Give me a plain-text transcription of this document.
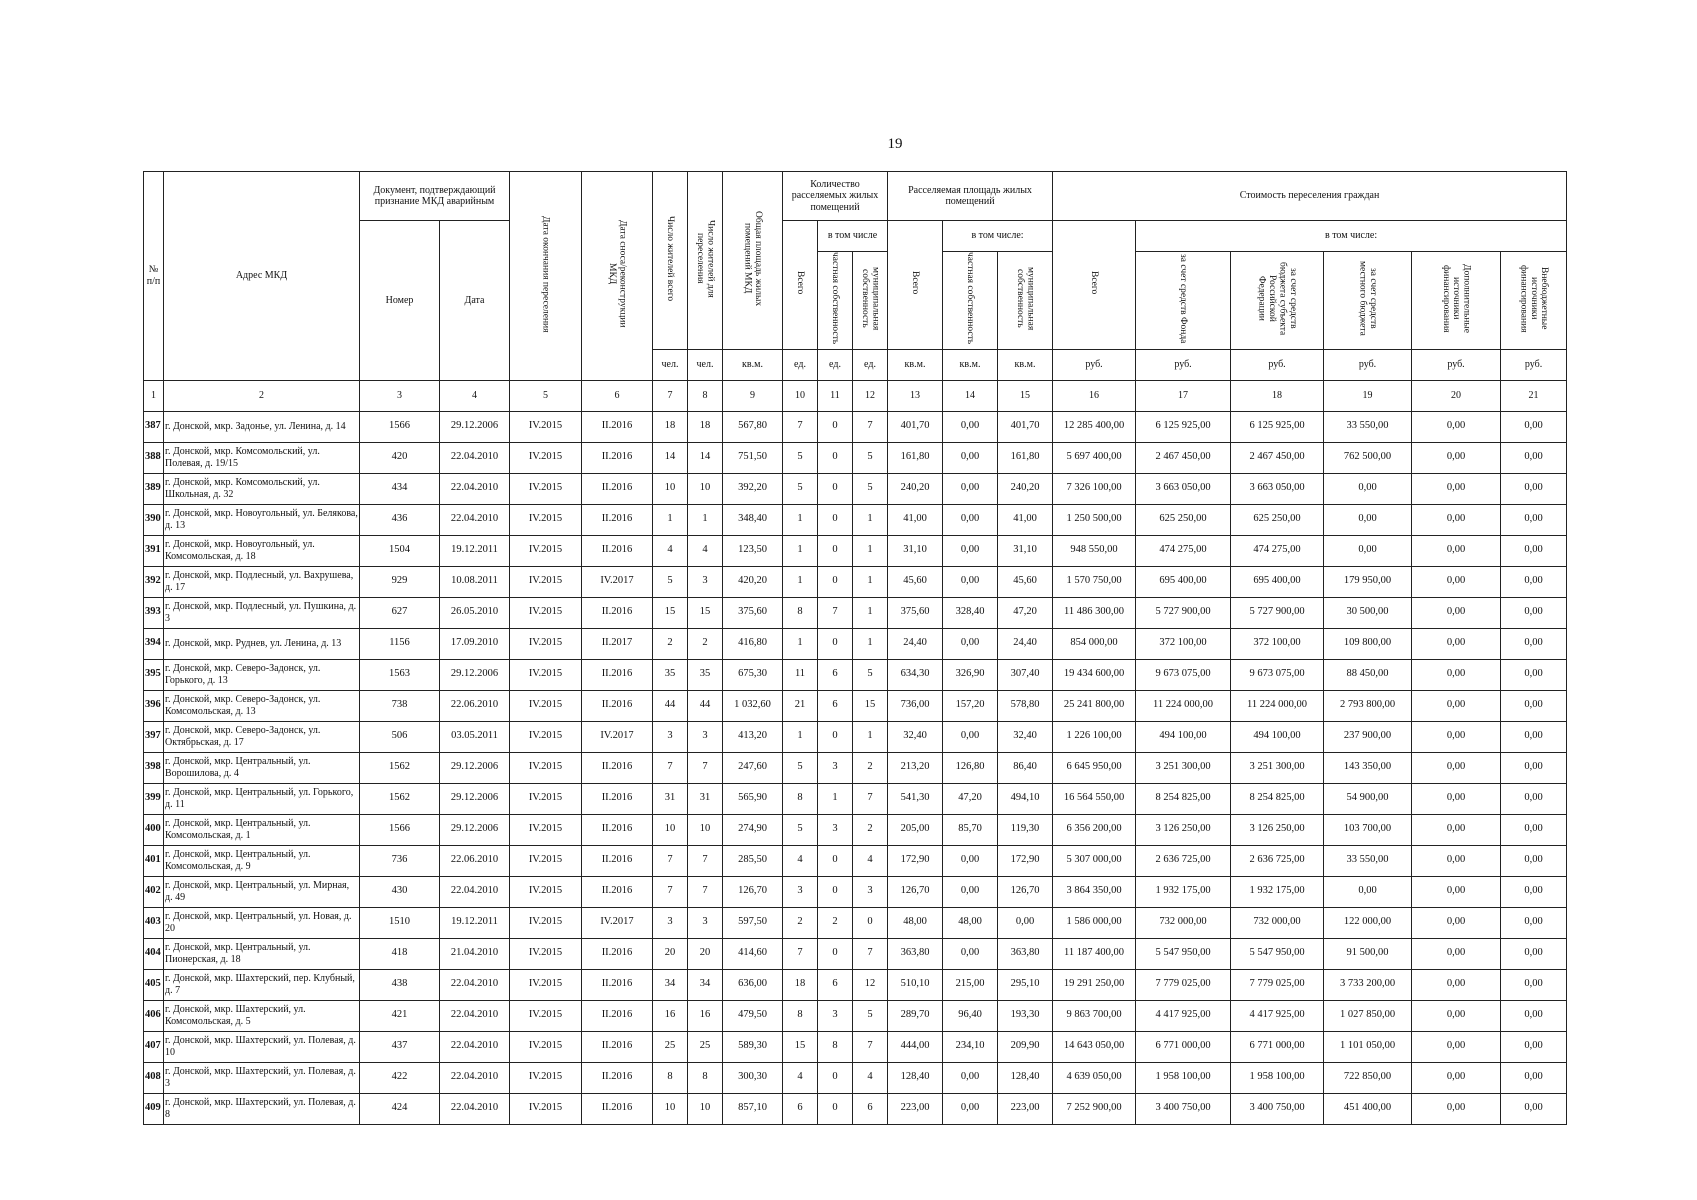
19
№ п/п	Адрес МКД	Документ, подтверждающий признание МКД аварийным		Дата окончания переселения	Дата сноса/реконструкции МКД	Число жителей всего	Число жителей для переселения	Общая площадь жилых помещений МКД	Количество расселяемых жилых помещений			Расселяемая площадь жилых помещений			Стоимость переселения граждан					
		Номер	Дата						Всего	в том числе		Всего	в том числе:		Всего	в том числе:				
										частная собственность	муниципальная собственность		частная собственность	муниципальная собственность		за счет средств Фонда	за счет средств бюджета субъекта Российской Федерации	за счет средств местного бюджета	Дополнительные источники финансирования	Внебюджетные источники финансирования
						чел.	чел.	кв.м.	ед.	ед.	ед.	кв.м.	кв.м.	кв.м.	руб.	руб.	руб.	руб.	руб.	руб.
1	2	3	4	5	6	7	8	9	10	11	12	13	14	15	16	17	18	19	20	21
387	г. Донской, мкр. Задонье, ул. Ленина, д. 14	1566	29.12.2006	IV.2015	II.2016	18	18	567,80	7	0	7	401,70	0,00	401,70	12 285 400,00	6 125 925,00	6 125 925,00	33 550,00	0,00	0,00
388	г. Донской, мкр. Комсомольский, ул. Полевая, д. 19/15	420	22.04.2010	IV.2015	II.2016	14	14	751,50	5	0	5	161,80	0,00	161,80	5 697 400,00	2 467 450,00	2 467 450,00	762 500,00	0,00	0,00
389	г. Донской, мкр. Комсомольский, ул. Школьная, д. 32	434	22.04.2010	IV.2015	II.2016	10	10	392,20	5	0	5	240,20	0,00	240,20	7 326 100,00	3 663 050,00	3 663 050,00	0,00	0,00	0,00
390	г. Донской, мкр. Новоугольный, ул. Белякова, д. 13	436	22.04.2010	IV.2015	II.2016	1	1	348,40	1	0	1	41,00	0,00	41,00	1 250 500,00	625 250,00	625 250,00	0,00	0,00	0,00
391	г. Донской, мкр. Новоугольный, ул. Комсомольская, д. 18	1504	19.12.2011	IV.2015	II.2016	4	4	123,50	1	0	1	31,10	0,00	31,10	948 550,00	474 275,00	474 275,00	0,00	0,00	0,00
392	г. Донской, мкр. Подлесный, ул. Вахрушева, д. 17	929	10.08.2011	IV.2015	IV.2017	5	3	420,20	1	0	1	45,60	0,00	45,60	1 570 750,00	695 400,00	695 400,00	179 950,00	0,00	0,00
393	г. Донской, мкр. Подлесный, ул. Пушкина, д. 3	627	26.05.2010	IV.2015	II.2016	15	15	375,60	8	7	1	375,60	328,40	47,20	11 486 300,00	5 727 900,00	5 727 900,00	30 500,00	0,00	0,00
394	г. Донской, мкр. Руднев, ул. Ленина, д. 13	1156	17.09.2010	IV.2015	II.2017	2	2	416,80	1	0	1	24,40	0,00	24,40	854 000,00	372 100,00	372 100,00	109 800,00	0,00	0,00
395	г. Донской, мкр. Северо-Задонск, ул. Горького, д. 13	1563	29.12.2006	IV.2015	II.2016	35	35	675,30	11	6	5	634,30	326,90	307,40	19 434 600,00	9 673 075,00	9 673 075,00	88 450,00	0,00	0,00
396	г. Донской, мкр. Северо-Задонск, ул. Комсомольская, д. 13	738	22.06.2010	IV.2015	II.2016	44	44	1 032,60	21	6	15	736,00	157,20	578,80	25 241 800,00	11 224 000,00	11 224 000,00	2 793 800,00	0,00	0,00
397	г. Донской, мкр. Северо-Задонск, ул. Октябрьская, д. 17	506	03.05.2011	IV.2015	IV.2017	3	3	413,20	1	0	1	32,40	0,00	32,40	1 226 100,00	494 100,00	494 100,00	237 900,00	0,00	0,00
398	г. Донской, мкр. Центральный, ул. Ворошилова, д. 4	1562	29.12.2006	IV.2015	II.2016	7	7	247,60	5	3	2	213,20	126,80	86,40	6 645 950,00	3 251 300,00	3 251 300,00	143 350,00	0,00	0,00
399	г. Донской, мкр. Центральный, ул. Горького, д. 11	1562	29.12.2006	IV.2015	II.2016	31	31	565,90	8	1	7	541,30	47,20	494,10	16 564 550,00	8 254 825,00	8 254 825,00	54 900,00	0,00	0,00
400	г. Донской, мкр. Центральный, ул. Комсомольская, д. 1	1566	29.12.2006	IV.2015	II.2016	10	10	274,90	5	3	2	205,00	85,70	119,30	6 356 200,00	3 126 250,00	3 126 250,00	103 700,00	0,00	0,00
401	г. Донской, мкр. Центральный, ул. Комсомольская, д. 9	736	22.06.2010	IV.2015	II.2016	7	7	285,50	4	0	4	172,90	0,00	172,90	5 307 000,00	2 636 725,00	2 636 725,00	33 550,00	0,00	0,00
402	г. Донской, мкр. Центральный, ул. Мирная, д. 49	430	22.04.2010	IV.2015	II.2016	7	7	126,70	3	0	3	126,70	0,00	126,70	3 864 350,00	1 932 175,00	1 932 175,00	0,00	0,00	0,00
403	г. Донской, мкр. Центральный, ул. Новая, д. 20	1510	19.12.2011	IV.2015	IV.2017	3	3	597,50	2	2	0	48,00	48,00	0,00	1 586 000,00	732 000,00	732 000,00	122 000,00	0,00	0,00
404	г. Донской, мкр. Центральный, ул. Пионерская, д. 18	418	21.04.2010	IV.2015	II.2016	20	20	414,60	7	0	7	363,80	0,00	363,80	11 187 400,00	5 547 950,00	5 547 950,00	91 500,00	0,00	0,00
405	г. Донской, мкр. Шахтерский, пер. Клубный, д. 7	438	22.04.2010	IV.2015	II.2016	34	34	636,00	18	6	12	510,10	215,00	295,10	19 291 250,00	7 779 025,00	7 779 025,00	3 733 200,00	0,00	0,00
406	г. Донской, мкр. Шахтерский, ул. Комсомольская, д. 5	421	22.04.2010	IV.2015	II.2016	16	16	479,50	8	3	5	289,70	96,40	193,30	9 863 700,00	4 417 925,00	4 417 925,00	1 027 850,00	0,00	0,00
407	г. Донской, мкр. Шахтерский, ул. Полевая, д. 10	437	22.04.2010	IV.2015	II.2016	25	25	589,30	15	8	7	444,00	234,10	209,90	14 643 050,00	6 771 000,00	6 771 000,00	1 101 050,00	0,00	0,00
408	г. Донской, мкр. Шахтерский, ул. Полевая, д. 3	422	22.04.2010	IV.2015	II.2016	8	8	300,30	4	0	4	128,40	0,00	128,40	4 639 050,00	1 958 100,00	1 958 100,00	722 850,00	0,00	0,00
409	г. Донской, мкр. Шахтерский, ул. Полевая, д. 8	424	22.04.2010	IV.2015	II.2016	10	10	857,10	6	0	6	223,00	0,00	223,00	7 252 900,00	3 400 750,00	3 400 750,00	451 400,00	0,00	0,00
